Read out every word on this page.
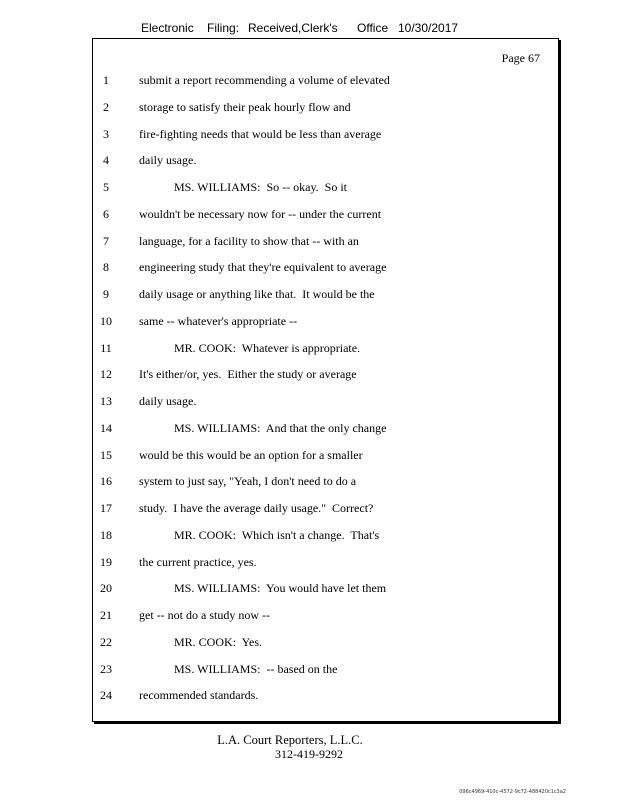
Electronic Filing: Received,Clerk's Office 10/30/2017
Page 67
1	submit a report recommending a volume of elevated
2	storage to satisfy their peak hourly flow and
3	fire-fighting needs that would be less than average
4	daily usage.
5	MS. WILLIAMS:  So -- okay.  So it
6	wouldn't be necessary now for -- under the current
7	language, for a facility to show that -- with an
8	engineering study that they're equivalent to average
9	daily usage or anything like that.  It would be the
10	same -- whatever's appropriate --
11	MR. COOK:  Whatever is appropriate.
12	It's either/or, yes.  Either the study or average
13	daily usage.
14	MS. WILLIAMS:  And that the only change
15	would be this would be an option for a smaller
16	system to just say, "Yeah, I don't need to do a
17	study.  I have the average daily usage."  Correct?
18	MR. COOK:  Which isn't a change.  That's
19	the current practice, yes.
20	MS. WILLIAMS:  You would have let them
21	get -- not do a study now --
22	MR. COOK:  Yes.
23	MS. WILLIAMS:  -- based on the
24	recommended standards.
L.A. Court Reporters, L.L.C.
312-419-9292
096c4969-410c-4572-9c72-488420c1c3a2
